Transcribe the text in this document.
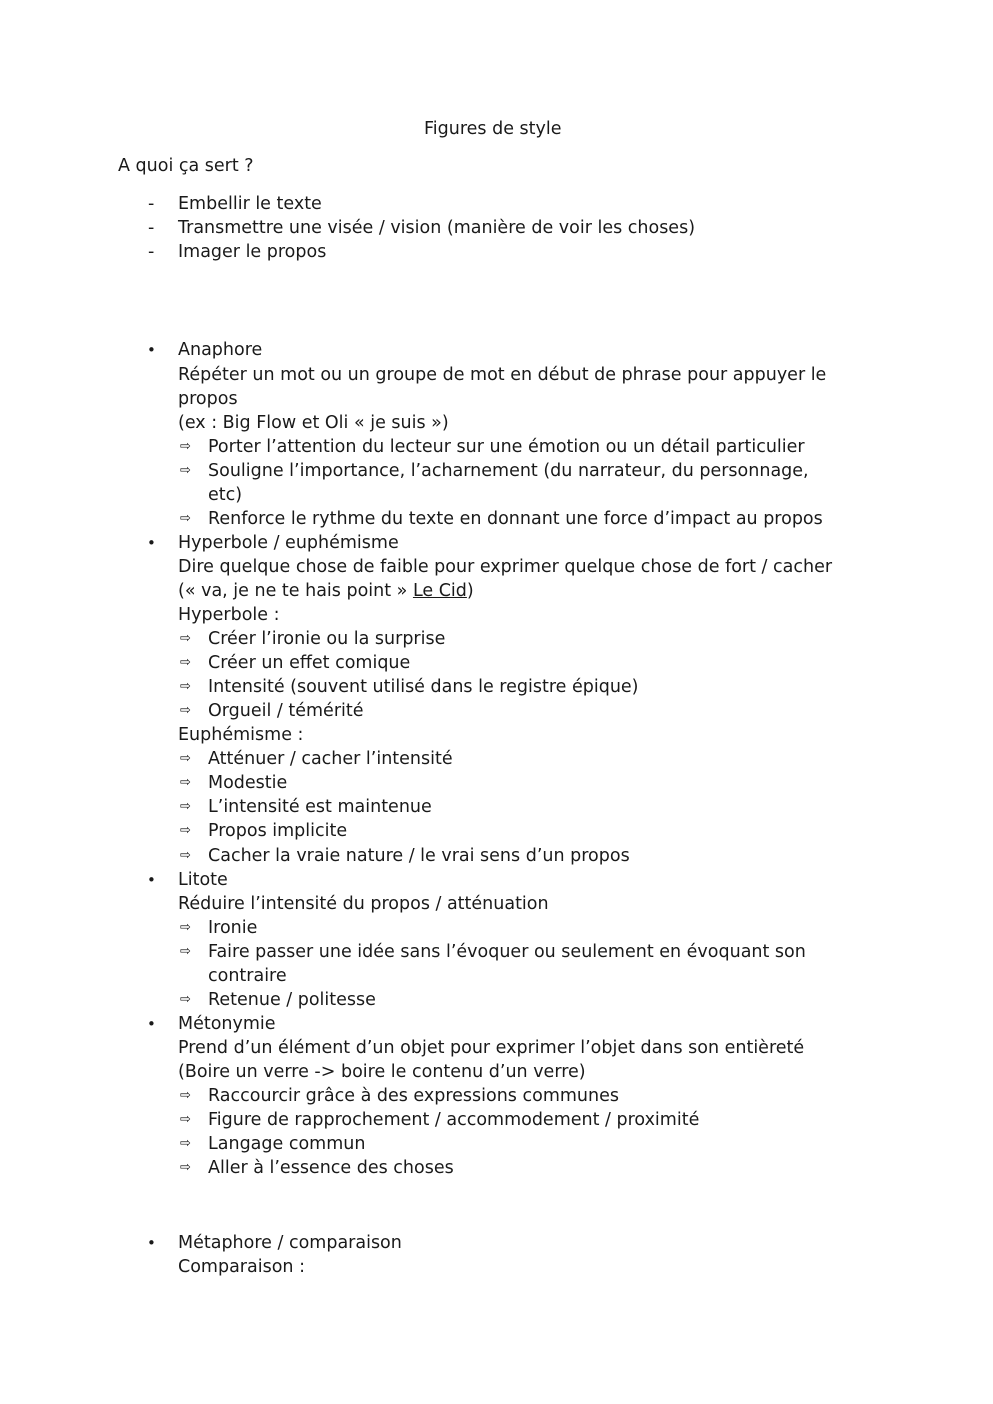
Figures de style
A quoi ça sert ?
- Embellir le texte
- Transmettre une visée / vision (manière de voir les choses)
- Imager le propos
• Anaphore
Répéter un mot ou un groupe de mot en début de phrase pour appuyer le
propos
(ex : Big Flow et Oli « je suis »)
⇨ Porter l’attention du lecteur sur une émotion ou un détail particulier
⇨ Souligne l’importance, l’acharnement (du narrateur, du personnage,
etc)
⇨ Renforce le rythme du texte en donnant une force d’impact au propos
• Hyperbole / euphémisme
Dire quelque chose de faible pour exprimer quelque chose de fort / cacher
(« va, je ne te hais point » Le Cid)
Hyperbole :
⇨ Créer l’ironie ou la surprise
⇨ Créer un effet comique
⇨ Intensité (souvent utilisé dans le registre épique)
⇨ Orgueil / témérité
Euphémisme :
⇨ Atténuer / cacher l’intensité
⇨ Modestie
⇨ L’intensité est maintenue
⇨ Propos implicite
⇨ Cacher la vraie nature / le vrai sens d’un propos
• Litote
Réduire l’intensité du propos / atténuation
⇨ Ironie
⇨ Faire passer une idée sans l’évoquer ou seulement en évoquant son
contraire
⇨ Retenue / politesse
• Métonymie
Prend d’un élément d’un objet pour exprimer l’objet dans son entièreté
(Boire un verre -> boire le contenu d’un verre)
⇨ Raccourcir grâce à des expressions communes
⇨ Figure de rapprochement / accommodement / proximité
⇨ Langage commun
⇨ Aller à l’essence des choses
• Métaphore / comparaison
Comparaison :
